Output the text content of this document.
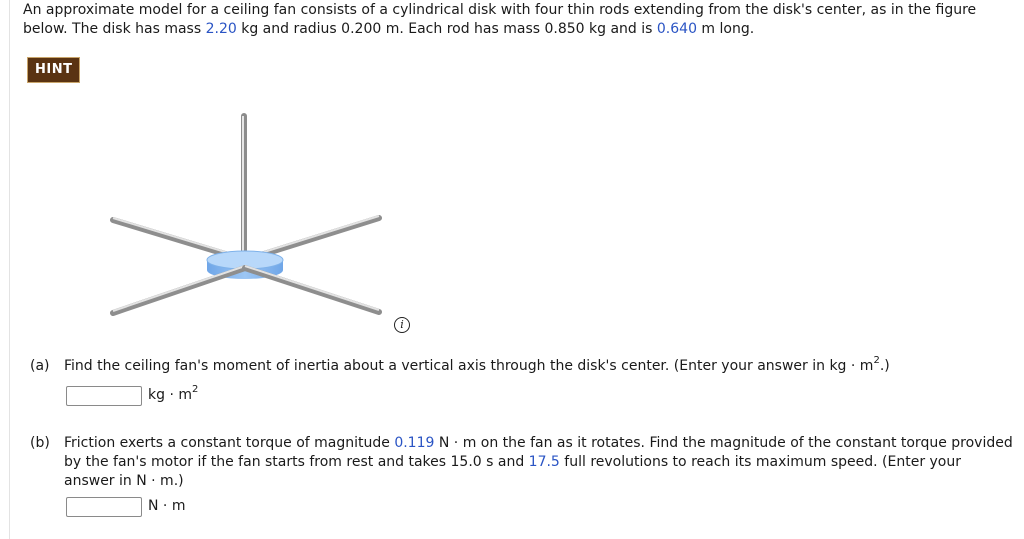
An approximate model for a ceiling fan consists of a cylindrical disk with four thin rods extending from the disk's center, as in the figure below. The disk has mass 2.20 kg and radius 0.200 m. Each rod has mass 0.850 kg and is 0.640 m long.
HINT
i
(a) Find the ceiling fan's moment of inertia about a vertical axis through the disk's center. (Enter your answer in kg · $m^2$.)
kg · $m^2$
(b) Friction exerts a constant torque of magnitude 0.119 N · m on the fan as it rotates. Find the magnitude of the constant torque provided by the fan's motor if the fan starts from rest and takes 15.0 s and 17.5 full revolutions to reach its maximum speed. (Enter your answer in N · m.)
N · m
